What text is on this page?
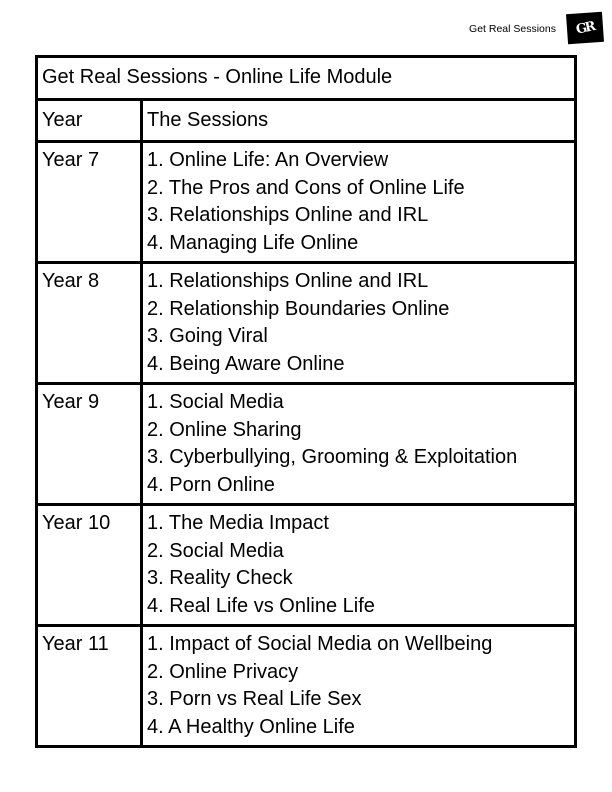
Get Real Sessions GR
Get Real Sessions - Online Life Module	
Year	The Sessions
Year 7	1. Online Life: An Overview
2. The Pros and Cons of Online Life
3. Relationships Online and IRL
4. Managing Life Online

Year 8	1. Relationships Online and IRL
2. Relationship Boundaries Online
3. Going Viral
4. Being Aware Online

Year 9	1. Social Media
2. Online Sharing
3. Cyberbullying, Grooming & Exploitation
4. Porn Online

Year 10	1. The Media Impact
2. Social Media
3. Reality Check
4. Real Life vs Online Life

Year 11	1. Impact of Social Media on Wellbeing
2. Online Privacy
3. Porn vs Real Life Sex
4. A Healthy Online Life
